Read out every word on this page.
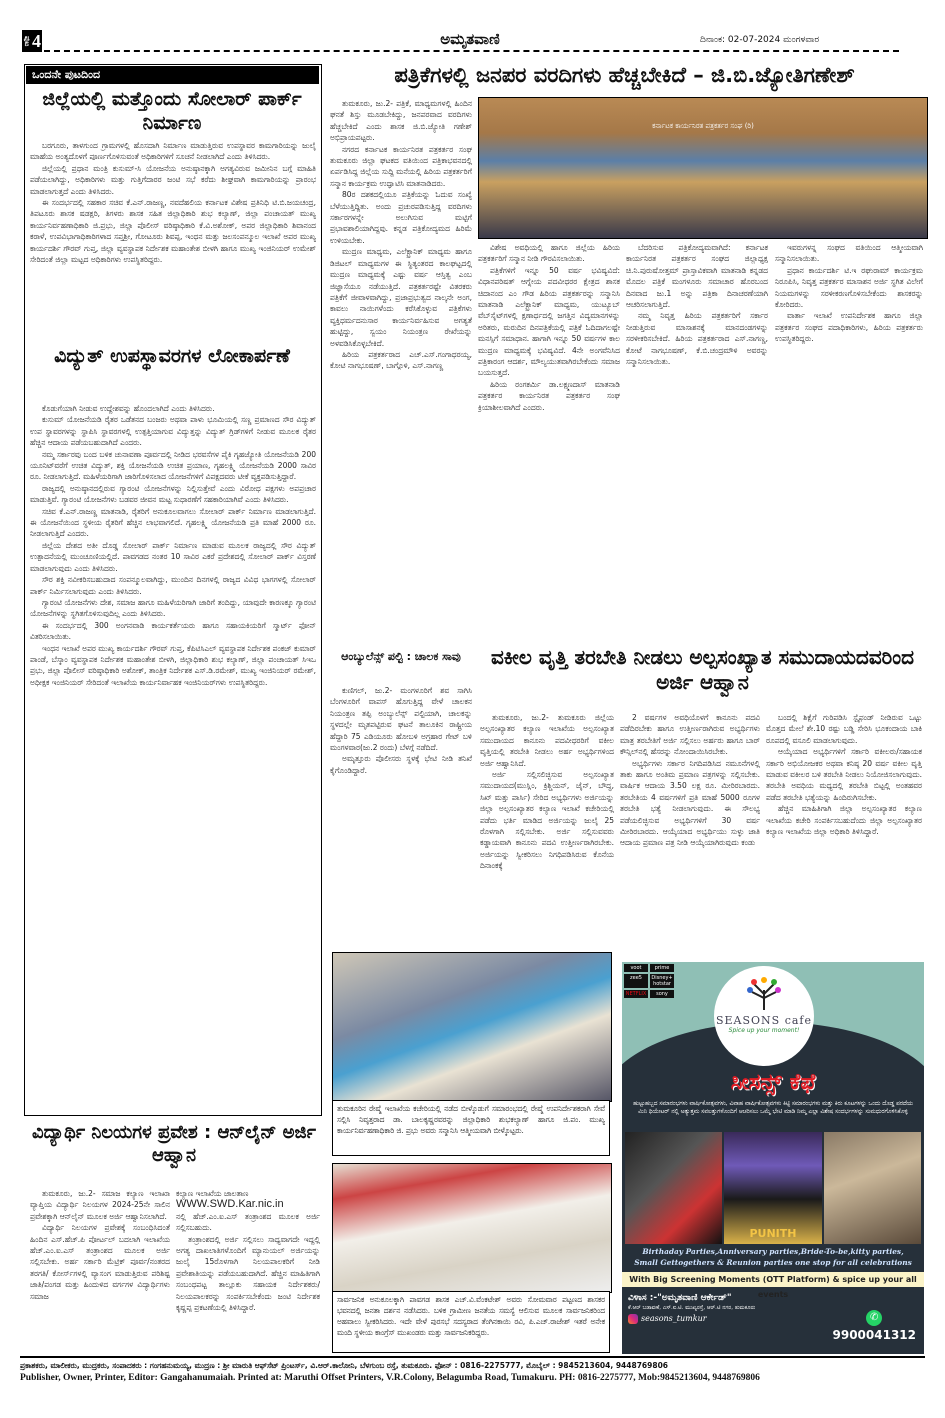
ಪುಟ 4	ಅಮೃತವಾಣಿ	ದಿನಾಂಕ: 02-07-2024 ಮಂಗಳವಾರ
ಒಂದನೇ ಪುಟದಿಂದ
ಜಿಲ್ಲೆಯಲ್ಲಿ ಮತ್ತೊಂದು ಸೋಲಾರ್ ಪಾರ್ಕ್ ನಿರ್ಮಾಣ

ಬರಗೂರು, ತಾಳಗುಂದ ಗ್ರಾಮಗಳಲ್ಲಿ ಹೊಸದಾಗಿ ನಿರ್ಮಾಣ ಮಾಡುತ್ತಿರುವ ಉಪಸ್ಥಾವರ ಕಾಮಗಾರಿಯನ್ನು ಜುಲೈ ಮಾಹೆಯ ಅಂತ್ಯದೊಳಗೆ ಪೂರ್ಣಗೊಳಿಸುವಂತೆ ಅಧಿಕಾರಿಗಳಿಗೆ ಸೂಚನೆ ನೀಡಲಾಗಿದೆ ಎಂದು ತಿಳಿಸಿದರು.

ಜಿಲ್ಲೆಯಲ್ಲಿ ಪ್ರಧಾನ ಮಂತ್ರಿ ಕುಸುಮ್-ಸಿ ಯೋಜನೆಯ ಅನುಷ್ಠಾನಕ್ಕಾಗಿ ಅಗತ್ಯವಿರುವ ಜಮೀನಿನ ಬಗ್ಗೆ ಮಾಹಿತಿ ಪಡೆಯಲಾಗಿದ್ದು, ಅಧಿಕಾರಿಗಳು ಮತ್ತು ಗುತ್ತಿಗೆದಾರರ ಜಂಟಿ ಸಭೆ ಕರೆದು ಶೀಘ್ರವಾಗಿ ಕಾಮಗಾರಿಯನ್ನು ಪ್ರಾರಂಭ ಮಾಡಲಾಗುತ್ತದೆ ಎಂದು ತಿಳಿಸಿದರು.

ಈ ಸಂದರ್ಭದಲ್ಲಿ ಸಹಕಾರ ಸಚಿವ ಕೆ.ಎನ್.ರಾಜಣ್ಣ, ನವದೆಹಲಿಯ ಕರ್ನಾಟಕ ವಿಶೇಷ ಪ್ರತಿನಿಧಿ ಟಿ.ಬಿ.ಜಯಚಂದ್ರ, ತಿಪಟೂರು ಶಾಸಕ ಷಡಕ್ಷರಿ, ತಿಗಳರು ಶಾಸಕ ಸಹಿತ ಜಿಲ್ಲಾಧಿಕಾರಿ ಶುಭ ಕಲ್ಯಾಣ್, ಜಿಲ್ಲಾ ಪಂಚಾಯತ್ ಮುಖ್ಯ ಕಾರ್ಯನಿರ್ವಹಣಾಧಿಕಾರಿ ಜಿ.ಪ್ರಭು, ಜಿಲ್ಲಾ ಪೊಲೀಸ್ ವರಿಷ್ಠಾಧಿಕಾರಿ ಕೆ.ವಿ.ಅಶೋಕ್, ಅಪರ ಜಿಲ್ಲಾಧಿಕಾರಿ ಶಿವಾನಂದ ಕರಾಳೆ, ಉಪವಿಭಾಗಾಧಿಕಾರಿಗಳಾದ ಸಪ್ತಶ್ರೀ, ಗೋಟೂರು ಶಿವಪ್ಪ, ಇಂಧನ ಮತ್ತು ಜಲಸಂಪನ್ಮೂಲ ಇಲಾಖೆ ಅಪರ ಮುಖ್ಯ ಕಾರ್ಯದರ್ಶಿ ಗೌರವ್ ಗುಪ್ತ, ಜಿಲ್ಲಾ ವ್ಯವಸ್ಥಾಪಕ ನಿರ್ದೇಶಕ ಮಹಾಂತೇಶ ಬೀಳಗಿ ಹಾಗೂ ಮುಖ್ಯ ಇಂಜಿನಿಯರ್ ಉಮೇಶ್ ಸೇರಿದಂತೆ ಜಿಲ್ಲಾ ಮಟ್ಟದ ಅಧಿಕಾರಿಗಳು ಉಪಸ್ಥಿತರಿದ್ದರು.

ವಿದ್ಯುತ್ ಉಪಸ್ಥಾವರಗಳ ಲೋಕಾರ್ಪಣೆ

ಕೊಡುಗೆಯಾಗಿ ನೀಡುವ ಉದ್ದೇಶವನ್ನು ಹೊಂದಲಾಗಿದೆ ಎಂದು ತಿಳಿಸಿದರು.

ಕುಸುಮ್ ಯೋಜನೆಯಡಿ ರೈತರ ಒಡೆತನದ ಬಂಜರು ಅಥವಾ ಪಾಳು ಭೂಮಿಯಲ್ಲಿ ಸಣ್ಣ ಪ್ರಮಾಣದ ಸೌರ ವಿದ್ಯುತ್ ಉಪ ಸ್ಥಾವರಗಳನ್ನು ಸ್ಥಾಪಿಸಿ ಸ್ಥಾವರಗಳಲ್ಲಿ ಉತ್ಪತ್ತಿಯಾಗುವ ವಿದ್ಯುತ್ತನ್ನು ವಿದ್ಯುತ್ ಗ್ರಿಡ್‍ಗಳಿಗೆ ನೀಡುವ ಮೂಲಕ ರೈತರ ಹೆಚ್ಚಿನ ಆದಾಯ ಪಡೆಯಬಹುದಾಗಿದೆ ಎಂದರು.

ನಮ್ಮ ಸರ್ಕಾರವು ಬಂದ ಬಳಿಕ ಚುನಾವಣಾ ಪೂರ್ವದಲ್ಲಿ ನೀಡಿದ ಭರವಸೆಗಳ ಪೈಕಿ ಗೃಹಜ್ಯೋತಿ ಯೋಜನೆಯಡಿ 200 ಯೂನಿಟ್‌ವರೆಗೆ ಉಚಿತ ವಿದ್ಯುತ್, ಶಕ್ತಿ ಯೋಜನೆಯಡಿ ಉಚಿತ ಪ್ರಯಾಣ, ಗೃಹಲಕ್ಷ್ಮಿ ಯೋಜನೆಯಡಿ 2000 ಸಾವಿರ ರೂ. ನೀಡಲಾಗುತ್ತಿದೆ. ಮಹಿಳೆಯರಿಗಾಗಿ ಜಾರಿಗೊಳಿಸಲಾದ ಯೋಜನೆಗಳಿಗೆ ವಿಪಕ್ಷದವರು ಟೀಕೆ ವ್ಯಕ್ತಪಡಿಸುತ್ತಿದ್ದಾರೆ.

ರಾಜ್ಯದಲ್ಲಿ ಅನುಷ್ಠಾನದಲ್ಲಿರುವ ಗ್ಯಾರಂಟಿ ಯೋಜನೆಗಳನ್ನು ನಿಲ್ಲಿಸುತ್ತೇವೆ ಎಂದು ವಿರೋಧ ಪಕ್ಷಗಳು ಅಪಪ್ರಚಾರ ಮಾಡುತ್ತಿವೆ. ಗ್ಯಾರಂಟಿ ಯೋಜನೆಗಳು ಬಡವರ ಜೀವನ ಮಟ್ಟ ಸುಧಾರಣೆಗೆ ಸಹಕಾರಿಯಾಗಿವೆ ಎಂದು ತಿಳಿಸಿದರು.

ಸಚಿವ ಕೆ.ಎನ್.ರಾಜಣ್ಣ ಮಾತನಾಡಿ, ರೈತರಿಗೆ ಅನುಕೂಲವಾಗಲು ಸೋಲಾರ್ ಪಾರ್ಕ್ ನಿರ್ಮಾಣ ಮಾಡಲಾಗುತ್ತಿದೆ. ಈ ಯೋಜನೆಯಿಂದ ಸ್ಥಳೀಯ ರೈತರಿಗೆ ಹೆಚ್ಚಿನ ಲಾಭವಾಗಲಿದೆ. ಗೃಹಲಕ್ಷ್ಮಿ ಯೋಜನೆಯಡಿ ಪ್ರತಿ ಮಾಹೆ 2000 ರೂ. ನೀಡಲಾಗುತ್ತಿದೆ ಎಂದರು.

ಜಿಲ್ಲೆಯ ದೇಶದ ಅತೀ ದೊಡ್ಡ ಸೋಲಾರ್ ಪಾರ್ಕ್ ನಿರ್ಮಾಣ ಮಾಡುವ ಮೂಲಕ ರಾಜ್ಯದಲ್ಲಿ ಸೌರ ವಿದ್ಯುತ್ ಉತ್ಪಾದನೆಯಲ್ಲಿ ಮುಂಚೂಣಿಯಲ್ಲಿದೆ. ಪಾವಗಡದ ನಂತರ 10 ಸಾವಿರ ಎಕರೆ ಪ್ರದೇಶದಲ್ಲಿ ಸೋಲಾರ್ ಪಾರ್ಕ್ ವಿಸ್ತರಣೆ ಮಾಡಲಾಗುವುದು ಎಂದು ತಿಳಿಸಿದರು.

ಸೌರ ಶಕ್ತಿ ನವೀಕರಿಸಬಹುದಾದ ಸಂಪನ್ಮೂಲವಾಗಿದ್ದು, ಮುಂದಿನ ದಿನಗಳಲ್ಲಿ ರಾಜ್ಯದ ವಿವಿಧ ಭಾಗಗಳಲ್ಲಿ ಸೋಲಾರ್ ಪಾರ್ಕ್ ನಿರ್ಮಿಸಲಾಗುವುದು ಎಂದು ತಿಳಿಸಿದರು.

ಗ್ಯಾರಂಟಿ ಯೋಜನೆಗಳು ದೇಶ, ಸಮಾಜ ಹಾಗೂ ಮಹಿಳೆಯರಿಗಾಗಿ ಜಾರಿಗೆ ತಂದಿದ್ದು, ಯಾವುದೇ ಕಾರಣಕ್ಕೂ ಗ್ಯಾರಂಟಿ ಯೋಜನೆಗಳನ್ನು ಸ್ಥಗಿತಗೊಳಿಸುವುದಿಲ್ಲ ಎಂದು ತಿಳಿಸಿದರು.

ಈ ಸಂದರ್ಭದಲ್ಲಿ 300 ಅಂಗನವಾಡಿ ಕಾರ್ಯಕರ್ತೆಯರು ಹಾಗೂ ಸಹಾಯಕಿಯರಿಗೆ ಸ್ಮಾರ್ಟ್ ಫೋನ್ ವಿತರಿಸಲಾಯಿತು.

ಇಂಧನ ಇಲಾಖೆ ಅಪರ ಮುಖ್ಯ ಕಾರ್ಯದರ್ಶಿ ಗೌರವ್ ಗುಪ್ತ, ಕೆಪಿಟಿಸಿಎಲ್ ವ್ಯವಸ್ಥಾಪಕ ನಿರ್ದೇಶಕ ಪಂಕಜ್ ಕುಮಾರ್ ಪಾಂಡೆ, ಬೆಸ್ಕಾಂ ವ್ಯವಸ್ಥಾಪಕ ನಿರ್ದೇಶಕ ಮಹಾಂತೇಶ ಬೀಳಗಿ, ಜಿಲ್ಲಾಧಿಕಾರಿ ಶುಭ ಕಲ್ಯಾಣ್, ಜಿಲ್ಲಾ ಪಂಚಾಯತ್ ಸಿಇಒ ಪ್ರಭು, ಜಿಲ್ಲಾ ಪೊಲೀಸ್ ವರಿಷ್ಠಾಧಿಕಾರಿ ಅಶೋಕ್, ತಾಂತ್ರಿಕ ನಿರ್ದೇಶಕ ಎಸ್.ಡಿ.ರಮೇಶ್, ಮುಖ್ಯ ಇಂಜಿನಿಯರ್ ರಮೇಶ್, ಅಧೀಕ್ಷಕ ಇಂಜಿನಿಯರ್ ಸೇರಿದಂತೆ ಇಲಾಖೆಯ ಕಾರ್ಯನಿರ್ವಾಹಕ ಇಂಜಿನಿಯರ್‌ಗಳು ಉಪಸ್ಥಿತರಿದ್ದರು.

ವಿದ್ಯಾರ್ಥಿ ನಿಲಯಗಳ ಪ್ರವೇಶ : ಆನ್‌ಲೈನ್ ಅರ್ಜಿ ಆಹ್ವಾನ

ತುಮಕೂರು, ಜು.2- ಸಮಾಜ ಕಲ್ಯಾಣ ಇಲಾಖಾ ವ್ಯಾಪ್ತಿಯ ವಿದ್ಯಾರ್ಥಿ ನಿಲಯಗಳ 2024-25ನೇ ಸಾಲಿನ ಪ್ರವೇಶಕ್ಕಾಗಿ ಆನ್‌ಲೈನ್ ಮೂಲಕ ಅರ್ಜಿ ಆಹ್ವಾನಿಸಲಾಗಿದೆ.

ವಿದ್ಯಾರ್ಥಿ ನಿಲಯಗಳ ಪ್ರವೇಶಕ್ಕೆ ಸಂಬಂಧಿಸಿದಂತೆ ಹಿಂದಿನ ಎಸ್.ಹೆಚ್.ಪಿ ಪೋರ್ಟಲ್ ಬದಲಾಗಿ ಇಲಾಖೆಯ ಹೆಚ್.ಎಂ.ಐ.ಎಸ್ ತಂತ್ರಾಂಶದ ಮೂಲಕ ಅರ್ಜಿ ಸಲ್ಲಿಸಬೇಕು. ಅರ್ಹ ಸರ್ಕಾರಿ ಮೆಟ್ರಿಕ್ ಪೂರ್ವ/ನಂತರದ ತರಗತಿ/ ಕೋರ್ಸ್‌ಗಳಲ್ಲಿ ವ್ಯಾಸಂಗ ಮಾಡುತ್ತಿರುವ ಪರಿಶಿಷ್ಟ ಜಾತಿ/ಪಂಗಡ ಮತ್ತು ಹಿಂದುಳಿದ ವರ್ಗಗಳ ವಿದ್ಯಾರ್ಥಿಗಳು ಸಮಾಜ

ಕಲ್ಯಾಣ ಇಲಾಖೆಯ ಜಾಲತಾಣ

WWW.SWD.Kar.nic.in

ನಲ್ಲಿ ಹೆಚ್.ಎಂ.ಐ.ಎಸ್ ತಂತ್ರಾಂಶದ ಮೂಲಕ ಅರ್ಜಿ ಸಲ್ಲಿಸಬಹುದು.

ತಂತ್ರಾಂಶದಲ್ಲಿ ಅರ್ಜಿ ಸಲ್ಲಿಸಲು ಸಾಧ್ಯವಾಗದೇ ಇದ್ದಲ್ಲಿ ಅಗತ್ಯ ದಾಖಲಾತಿಗಳೊಂದಿಗೆ ಮ್ಯಾನುಯಲ್ ಅರ್ಜಿಯನ್ನು ಜುಲೈ 15ರೊಳಗಾಗಿ ನಿಲಯಪಾಲಕರಿಗೆ ನೀಡಿ ಪ್ರವೇಶಾತಿಯನ್ನು ಪಡೆಯಬಹುದಾಗಿದೆ. ಹೆಚ್ಚಿನ ಮಾಹಿತಿಗಾಗಿ ಸಂಬಂಧಪಟ್ಟ ತಾಲ್ಲೂಕು ಸಹಾಯಕ ನಿರ್ದೇಶಕರು/ ನಿಲಯಪಾಲಕರನ್ನು ಸಂಪರ್ಕಿಸಬೇಕೆಂದು ಜಂಟಿ ನಿರ್ದೇಶಕ ಕೃಷ್ಣಪ್ಪ ಪ್ರಕಟಣೆಯಲ್ಲಿ ತಿಳಿಸಿದ್ದಾರೆ.

ಪತ್ರಿಕೆಗಳಲ್ಲಿ ಜನಪರ ವರದಿಗಳು ಹೆಚ್ಚಬೇಕಿದೆ – ಜಿ.ಬಿ.ಜ್ಯೋತಿಗಣೇಶ್

ತುಮಕೂರು, ಜು.2- ಪತ್ರಿಕೆ, ಮಾಧ್ಯಮಗಳಲ್ಲಿ ಹಿಂದಿನ ಘನತೆ ಶಿಸ್ತು ಮೂಡಬೇಕಿದ್ದು, ಜನಪರವಾದ ವರದಿಗಳು ಹೆಚ್ಚಬೇಕಿದೆ ಎಂದು ಶಾಸಕ ಜಿ.ಬಿ.ಜ್ಯೋತಿ ಗಣೇಶ್ ಅಭಿಪ್ರಾಯಪಟ್ಟರು.

ನಗರದ ಕರ್ನಾಟಕ ಕಾರ್ಯನಿರತ ಪತ್ರಕರ್ತರ ಸಂಘ ತುಮಕೂರು ಜಿಲ್ಲಾ ಘಟಕದ ವತಿಯಿಂದ ಪತ್ರಿಕಾಭವನದಲ್ಲಿ ಏರ್ಪಡಿಸಿದ್ದ ಜಿಲ್ಲೆಯ ಸುದ್ದಿ ಮನೆಯಲ್ಲಿ ಹಿರಿಯ ಪತ್ರಕರ್ತರಿಗೆ ಸನ್ಮಾನ ಕಾರ್ಯಕ್ರಮ ಉದ್ಘಾಟಿಸಿ ಮಾತನಾಡಿದರು.

80ರ ದಶಕದಲ್ಲಿಯೂ ಪತ್ರಿಕೆಯನ್ನು ಓದುವ ಸಂಖ್ಯೆ ಬೆಳೆಯುತ್ತಿದ್ದಿತು. ಅಂದು ಪ್ರಚುರಪಡಿಸುತ್ತಿದ್ದ ವರದಿಗಳು ಸರ್ಕಾರಗಳನ್ನೇ ಅಲುಗಿಸುವ ಮಟ್ಟಿಗೆ ಪ್ರಭಾವಶಾಲಿಯಾಗಿದ್ದವು. ಕನ್ನಡ ಪತ್ರಿಕೋದ್ಯಮದ ಹಿರಿಮೆ ಉಳಿಯಬೇಕು.

ಮುದ್ರಣ ಮಾಧ್ಯಮ, ಎಲೆಕ್ಟ್ರಾನಿಕ್ ಮಾಧ್ಯಮ ಹಾಗೂ ಡಿಜಿಟಲ್ ಮಾಧ್ಯಮಗಳ ಈ ಸ್ಥಿತ್ಯಂತರದ ಕಾಲಘಟ್ಟದಲ್ಲಿ ಮುದ್ರಣ ಮಾಧ್ಯಮಕ್ಕೆ ಎಷ್ಟು ವರ್ಷ ಆಸ್ತಿತ್ವ ಎಂಬ ಜಿಜ್ಞಾಸೆಯೂ ನಡೆಯುತ್ತಿದೆ. ಪತ್ರಕರ್ತರಷ್ಟೇ ವಿತರಕರು ಪತ್ರಿಕೆಗೆ ಜೀವಾಳವಾಗಿದ್ದು, ಪ್ರಜಾಪ್ರಭುತ್ವದ ನಾಲ್ಕನೇ ಅಂಗ, ಕಾವಲು ನಾಯಿಗಳೆಂದು ಕರೆಸಿಕೊಳ್ಳುವ ಪತ್ರಿಕೆಗಳು ವ್ಯಕ್ತಿಧರ್ಮದನುಸಾರ ಕಾರ್ಯನಿರ್ವಹಿಸುವ ಅಗತ್ಯತೆ ಹುಟ್ಟಿದ್ದು, ಸ್ವಯಂ ನಿಯಂತ್ರಣ ರೇಖೆಯನ್ನು ಅಳವಡಿಸಿಕೊಳ್ಳಬೇಕಿದೆ.

ಹಿರಿಯ ಪತ್ರಕರ್ತರಾದ ಎಚ್.ಎಸ್.ಗಂಗಾಧರಯ್ಯ, ಕೋಟಿ ನಾಗಭೂಷಣ್, ಬಾಗ್ಗೊಳಿ, ಎಸ್.ನಾಗಣ್ಣ

ಕರ್ನಾಟಕ ಕಾರ್ಯನಿರತ ಪತ್ರಕರ್ತರ ಸಂಘ (ರಿ)

ವಿಶೇಷ ಅವಧಿಯಲ್ಲಿ ಹಾಗೂ ಜಿಲ್ಲೆಯ ಹಿರಿಯ ಪತ್ರಕರ್ತರಿಗೆ ಸನ್ಮಾನ ನೀಡಿ ಗೌರವಿಸಲಾಯಿತು.

ಪತ್ರಿಕೆಗಳಿಗೆ ಇನ್ನೂ 50 ವರ್ಷ ಭವಿಷ್ಯವಿದೆ: ವಿಧಾನಪರಿಷತ್ ಆಗ್ನೇಯ ಪದವೀಧರರ ಕ್ಷೇತ್ರದ ಶಾಸಕ ಚಿದಾನಂದ ಎಂ ಗೌಡ ಹಿರಿಯ ಪತ್ರಕರ್ತರನ್ನು ಸನ್ಮಾನಿಸಿ ಮಾತನಾಡಿ ಎಲೆಕ್ಟ್ರಾನಿಕ್ ಮಾಧ್ಯಮ, ಯುಟ್ಯೂಬ್ ವೆಬ್‌ಸೈಟ್‌ಗಳಲ್ಲಿ ಕ್ಷಣಾರ್ಧದಲ್ಲಿ ಜಗತ್ತಿನ ವಿದ್ಯಮಾನಗಳನ್ನು ಅರಿತರು, ಮರುದಿನ ದಿನಪತ್ರಿಕೆಯಲ್ಲಿ ಪತ್ರಿಕೆ ಓದಿದಾಗಲಷ್ಟೇ ಮನಸ್ಸಿಗೆ ಸಮಾಧಾನ. ಹಾಗಾಗಿ ಇನ್ನೂ 50 ವರ್ಷಗಳ ಕಾಲ ಮುದ್ರಣ ಮಾಧ್ಯಮಕ್ಕೆ ಭವಿಷ್ಯವಿದೆ. 4ನೇ ಅಂಗವೆನಿಸಿದ ಪತ್ರಿಕಾರಂಗ ಆದರ್ಶ, ಮೌಲ್ಯಯುತವಾಗಿರಬೇಕೆಂದು ಸಮಾಜ ಬಯಸುತ್ತದೆ.

ಹಿರಿಯ ರಂಗಕರ್ಮಿ ಡಾ.ಲಕ್ಷ್ಮಣದಾಸ್ ಮಾತನಾಡಿ ಪತ್ರಕರ್ತರ ಕಾರ್ಯನಿರತ ಪತ್ರಕರ್ತರ ಸಂಘ ಕ್ರಿಯಾಶೀಲವಾಗಿದೆ ಎಂದರು.

ಬೆದರಿಸುವ ಪತ್ರಿಕೋದ್ಯಮವಾಗಿದೆ: ಕರ್ನಾಟಕ ಕಾರ್ಯನಿರತ ಪತ್ರಕರ್ತರ ಸಂಘದ ಜಿಲ್ಲಾಧ್ಯಕ್ಷ ಚಿ.ನಿ.ಪುರುಷೋತ್ತಮ್ ಪ್ರಾಸ್ತಾವಿಕವಾಗಿ ಮಾತನಾಡಿ ಕನ್ನಡದ ಮೊದಲ ಪತ್ರಿಕೆ ಮಂಗಳೂರು ಸಮಾಚಾರ ಹೊರಬಂದ ದಿನವಾದ ಜು.1 ಅನ್ನು ಪತ್ರಿಕಾ ದಿನಾಚರಣೆಯಾಗಿ ಆಚರಿಸಲಾಗುತ್ತಿದೆ.

ನಮ್ಮ ನಿವೃತ್ತ ಹಿರಿಯ ಪತ್ರಕರ್ತರಿಗೆ ಸರ್ಕಾರ ನೀಡುತ್ತಿರುವ ಮಾಸಾಶನಕ್ಕೆ ಮಾನದಂಡಗಳನ್ನು ಸರಳೀಕರಿಸಬೇಕಿದೆ. ಹಿರಿಯ ಪತ್ರಕರ್ತರಾದ ಎಸ್.ನಾಗಣ್ಣ, ಕೋಟೆ ನಾಗಭೂಷಣ್, ಕೆ.ಬಿ.ಚಂದ್ರಮೌಳಿ ಅವರನ್ನು ಸನ್ಮಾನಿಸಲಾಯಿತು.

ಇವರುಗಳನ್ನ ಸಂಘದ ವತಿಯಿಂದ ಆತ್ಮೀಯವಾಗಿ ಸನ್ಮಾನಿಸಲಾಯಿತು.

ಪ್ರಧಾನ ಕಾರ್ಯದರ್ಶಿ ಟಿ.ಇ ರಘುರಾಮ್ ಕಾರ್ಯಕ್ರಮ ನಿರೂಪಿಸಿ, ನಿವೃತ್ತ ಪತ್ರಕರ್ತರ ಮಾಸಾಶನ ಅರ್ಜಿ ಸ್ಥಗಿತ ವಿಲೇಗೆ ನಿಯಮಗಳನ್ನು ಸರಳೀಕರಣಗೊಳಿಸಬೇಕೆಂದು ಶಾಸಕರನ್ನು ಕೋರಿದರು.

ವಾರ್ತಾ ಇಲಾಖೆ ಉಪನಿರ್ದೇಶಕ ಹಾಗೂ ಜಿಲ್ಲಾ ಪತ್ರಕರ್ತರ ಸಂಘದ ಪದಾಧಿಕಾರಿಗಳು, ಹಿರಿಯ ಪತ್ರಕರ್ತರು ಉಪಸ್ಥಿತರಿದ್ದರು.

ಆಂಬ್ಯುಲೆನ್ಸ್ ಪಲ್ಟಿ : ಚಾಲಕ ಸಾವು

ಕುಣಿಗಲ್, ಜು.2- ಮಂಗಳೂರಿಗೆ ಶವ ಸಾಗಿಸಿ ಬೆಂಗಳೂರಿಗೆ ವಾಪಸ್ ಹೊಗುತ್ತಿದ್ದ ವೇಳೆ ಚಾಲಕನ ನಿಯಂತ್ರಣ ತಪ್ಪಿ ಅಂಬ್ಯುಲೆನ್ಸ್ ಪಲ್ಟಿಯಾಗಿ, ಚಾಲಕನ್ನು ಸ್ಥಳದಲ್ಲೇ ಮೃತಪಟ್ಟಿರುವ ಘಟನೆ ತಾಲೂಕಿನ ರಾಷ್ಟ್ರೀಯ ಹೆದ್ದಾರಿ 75 ಎಡಿಯೂರು ಹೋಬಳಿ ಅಗ್ರಹಾರ ಗೇಟ್ ಬಳಿ ಮಂಗಳವಾರ(ಜು.2 ರಂದು) ಬೆಳಗ್ಗೆ ನಡೆದಿದೆ.

ಅಮೃತ್ತೂರು ಪೊಲೀಸರು ಸ್ಥಳಕ್ಕೆ ಭೇಟಿ ನೀಡಿ ತನಿಖೆ ಕೈಗೊಂಡಿದ್ದಾರೆ.

ವಕೀಲ ವೃತ್ತಿ ತರಬೇತಿ ನೀಡಲು ಅಲ್ಪಸಂಖ್ಯಾತ ಸಮುದಾಯದವರಿಂದ ಅರ್ಜಿ ಆಹ್ವಾನ

ತುಮಕೂರು, ಜು.2- ತುಮಕೂರು ಜಿಲ್ಲೆಯ ಅಲ್ಪಸಂಖ್ಯಾತರ ಕಲ್ಯಾಣ ಇಲಾಖೆಯ ಅಲ್ಪಸಂಖ್ಯಾತ ಸಮುದಾಯದ ಕಾನೂನು ಪದವೀಧರರಿಗೆ ವಕೀಲ ವೃತ್ತಿಯಲ್ಲಿ ತರಬೇತಿ ನೀಡಲು ಅರ್ಹ ಅಭ್ಯರ್ಥಿಗಳಿಂದ ಅರ್ಜಿ ಆಹ್ವಾನಿಸಿದೆ.

ಅರ್ಜಿ ಸಲ್ಲಿಸಲಿಚ್ಛಿಸುವ ಅಲ್ಪಸಂಖ್ಯಾತ ಸಮುದಾಯದ(ಮುಸ್ಲಿಂ, ಕ್ರಿಶ್ಚಿಯನ್, ಜೈನ್, ಬೌದ್ಧ, ಸಿಖ್ ಮತ್ತು ಪಾರ್ಸಿ) ಸೇರಿದ ಅಭ್ಯರ್ಥಿಗಳು ಅರ್ಜಿಯನ್ನು ಜಿಲ್ಲಾ ಅಲ್ಪಸಂಖ್ಯಾತರ ಕಲ್ಯಾಣ ಇಲಾಖೆ ಕಚೇರಿಯಲ್ಲಿ ಪಡೆದು ಭರ್ತಿ ಮಾಡಿದ ಅರ್ಜಿಯನ್ನು ಜುಲೈ 25 ರೊಳಗಾಗಿ ಸಲ್ಲಿಸಬೇಕು. ಅರ್ಜಿ ಸಲ್ಲಿಸುವವರು ಕಡ್ಡಾಯವಾಗಿ ಕಾನೂನು ಪದವಿ ಉತ್ತೀರ್ಣರಾಗಿರಬೇಕು. ಅರ್ಜಿಯನ್ನು ಸ್ವೀಕರಿಸಲು ನಿಗಧಿಪಡಿಸಿರುವ ಕೊನೆಯ ದಿನಾಂಕಕ್ಕೆ

2 ವರ್ಷಗಳ ಅವಧಿಯೊಳಗೆ ಕಾನೂನು ಪದವಿ ಪಡೆದಿರಬೇಕು ಹಾಗೂ ಉತ್ತೀರ್ಣರಾಗಿರುವ ಅಭ್ಯರ್ಥಿಗಳು ಮಾತ್ರ ತರಬೇತಿಗೆ ಅರ್ಜಿ ಸಲ್ಲಿಸಲು ಅರ್ಹರು ಹಾಗೂ ಬಾರ್ ಕೌನ್ಸಿಲ್‌ನಲ್ಲಿ ಹೆಸರನ್ನು ನೋಂದಾಯಿಸಿರಬೇಕು.

ಅಭ್ಯರ್ಥಿಗಳು ಸರ್ಕಾರ ನಿಗದಿಪಡಿಸಿದ ನಮೂನೆಗಳಲ್ಲಿ ತಾಕು ಹಾಗೂ ಅಂತಿಮ ಪ್ರಮಾಣ ಪತ್ರಗಳನ್ನು ಸಲ್ಲಿಸಬೇಕು. ವಾರ್ಷಿಕ ಆದಾಯ 3.50 ಲಕ್ಷ ರೂ. ಮೀರಿರಬಾರದು. ತರಬೇತಿಯ 4 ವರ್ಷಗಳಿಗೆ ಪ್ರತಿ ಮಾಹೆ 5000 ರೂಗಳ ತರಬೇತಿ ಭತ್ಯೆ ನೀಡಲಾಗುವುದು. ಈ ಸೌಲಭ್ಯ ಪಡೆಯಲಿಚ್ಛಿಸುವ ಅಭ್ಯರ್ಥಿಗಳಿಗೆ 30 ವರ್ಷ ಮೀರಿರಬಾರದು. ಆಯ್ಕೆಯಾದ ಅಭ್ಯರ್ಥಿಯು ಸುಳ್ಳು ಜಾತಿ ಆದಾಯ ಪ್ರಮಾಣ ಪತ್ರ ನೀಡಿ ಆಯ್ಕೆಯಾಗಿರುವುದು ಕಂಡು

ಬಂದಲ್ಲಿ ಶಿಕ್ಷೆಗೆ ಗುರಿಪಡಿಸಿ ಸ್ಟೈಫಂಡ್ ನೀಡಿರುವ ಒಟ್ಟು ಮೊತ್ತದ ಮೇಲೆ ಶೇ.10 ರಷ್ಟು ಬಡ್ಡಿ ಸೇರಿಸಿ ಭೂಕಂದಾಯ ಬಾಕಿ ರೂಪದಲ್ಲಿ ವಸೂಲಿ ಮಾಡಲಾಗುವುದು.

ಆಯ್ಕೆಯಾದ ಅಭ್ಯರ್ಥಿಗಳಿಗೆ ಸರ್ಕಾರಿ ವಕೀಲರು/ಸಹಾಯಕ ಸರ್ಕಾರಿ ಅಭಿಯೋಜಕರ ಅಥವಾ ಕನಿಷ್ಠ 20 ವರ್ಷ ವಕೀಲ ವೃತ್ತಿ ಮಾಡುವ ವಕೀಲರ ಬಳಿ ತರಬೇತಿ ನೀಡಲು ನಿಯೋಜಿಸಲಾಗುವುದು. ತರಬೇತಿ ಅವಧಿಯ ಮಧ್ಯದಲ್ಲಿ ತರಬೇತಿ ಬಿಟ್ಟಲ್ಲಿ ಅಂತಹವರ ಪಡೆದ ತರಬೇತಿ ಭತ್ಯೆಯನ್ನು ಹಿಂದಿರುಗಿಸಬೇಕು.

ಹೆಚ್ಚಿನ ಮಾಹಿತಿಗಾಗಿ ಜಿಲ್ಲಾ ಅಲ್ಪಸಂಖ್ಯಾತರ ಕಲ್ಯಾಣ ಇಲಾಖೆಯ ಕಚೇರಿ ಸಂಪರ್ಕಿಸಬಹುದೆಂದು ಜಿಲ್ಲಾ ಅಲ್ಪಸಂಖ್ಯಾತರ ಕಲ್ಯಾಣ ಇಲಾಖೆಯ ಜಿಲ್ಲಾ ಅಧಿಕಾರಿ ತಿಳಿಸಿದ್ದಾರೆ.

ತುಮಕೂರಿನ ರೇಷ್ಮೆ ಇಲಾಖೆಯ ಕಚೇರಿಯಲ್ಲಿ ನಡೆದ ಬೀಳ್ಕೊಡುಗೆ ಸಮಾರಂಭದಲ್ಲಿ ರೇಷ್ಮೆ ಉಪನಿರ್ದೇಶಕರಾಗಿ ಸೇವೆ ಸಲ್ಲಿಸಿ ನಿವೃತ್ತರಾದ ಡಾ. ಬಾಲಕೃಷ್ಣರವರನ್ನು ಜಿಲ್ಲಾಧಿಕಾರಿ ಶುಭಕಲ್ಯಾಣ್ ಹಾಗೂ ಜಿ.ಪಂ. ಮುಖ್ಯ ಕಾರ್ಯನಿರ್ವಹಣಾಧಿಕಾರಿ ಜಿ. ಪ್ರಭು ಅವರು ಸನ್ಮಾನಿಸಿ ಆತ್ಮೀಯವಾಗಿ ಬೀಳ್ಕೊಟ್ಟರು.
ಸಾರ್ವಜನಿಕ ಅನುಕೂಲಕ್ಕಾಗಿ ಪಾವಗಡ ಶಾಸಕ ಎಚ್.ವಿ.ವೆಂಕಟೇಶ್ ಅವರು ಸೋಮವಾರ ಪಟ್ಟಣದ ಶಾಸಕರ ಭವನದಲ್ಲಿ ಜನತಾ ದರ್ಶನ ನಡೆಸಿದರು. ಬಳಿಕ ಗ್ರಾಮೀಣ ಜನತೆಯ ಸಮಸ್ಯೆ ಆಲಿಸುವ ಮೂಲಕ ಸಾರ್ವಜನಿಕರಿಂದ ಅಹವಾಲು ಸ್ವೀಕರಿಸಿದರು. ಇದೇ ವೇಳೆ ಪುರಸಭೆ ಸದಸ್ಯರಾದ ತೆಂಗಿನಕಾಯಿ ರವಿ, ಪಿ.ಎಚ್.ರಾಜೇಶ್ ಇತರೆ ಅನೇಕ ಮಂದಿ ಸ್ಥಳೀಯ ಕಾಂಗ್ರೆಸ್ ಮುಖಂಡರು ಮತ್ತು ಸಾರ್ವಜನಿಕರಿದ್ದರು.
voot	prime
zee5	Disney+ hotstar
NETFLIX	sony
SEASONS cafe
Spice up your moment!
ಸೀಸನ್ಸ್ ಕೆಫೆ
ಹುಟ್ಟುಹಬ್ಬದ ಸಮಾರಂಭಗಳು ವಾರ್ಷಿಕೋತ್ಸವಗಳು, ವಿವಾಹ ವಾರ್ಷಿಕೋತ್ಸವಗಳು ಕಿಟ್ಟಿ ಸಮಾರಂಭಗಳು ಮತ್ತು ಕಿರು ಕೂಟಗಳನ್ನು ಒಂದು ದೊಡ್ಡ ಪರದೆಯ ಮಿನಿ ಥಿಯೇಟರ್ ನಲ್ಲಿ ಅತ್ಯುತ್ತಮ ಸವಲತ್ತುಗಳೊಂದಿಗೆ ಆಚರಿಸಲು ಒಮ್ಮೆ ಭೇಟಿ ಮಾಡಿ ನಿಮ್ಮ ಎಲ್ಲಾ ವಿಶೇಷ ಸಂದರ್ಭಗಳನ್ನು ಸುಮಧುರಗೊಳಿಸಿಕೊಳ್ಳಿ
PUNITH
Birthaday Parties,Anniversary parties,Bride-To-be,kitty parties,
Small Gettogethers & Reunion parties one stop for all celebrations
With Big Screening Moments (OTT Platform) & spice up your all events
ವಿಳಾಸ :-"ಅಮೃತವಾಣಿ ಆರ್ಕೇಡ್"
ಕೆ.ಆರ್ ಬಡಾವಣೆ, ಎಸ್.ಐ.ಟಿ. ಮುಖ್ಯರಸ್ತೆ, ಆರ್.ಟಿ ನಗರ, ತುಮಕೂರು
seasons_tumkur	✆
9900041312
ಪ್ರಕಾಶಕರು, ಮಾಲೀಕರು, ಮುದ್ರಕರು, ಸಂಪಾದಕರು : ಗಂಗಹನುಮಯ್ಯ, ಮುದ್ರಣ : ಶ್ರೀ ಮಾರುತಿ ಆಫ್‌ಸೆಟ್ ಪ್ರಿಂಟರ್ಸ್, ವಿ.ಆರ್.ಕಾಲೋನಿ, ಬೆಳಗುಂಬ ರಸ್ತೆ, ತುಮಕೂರು. ಫೋನ್ : 0816-2275777, ಮೊಬೈಲ್ : 9845213604, 9448769806
Publisher, Owner, Printer, Editor: Gangahanumaiah. Printed at: Maruthi Offset Printers, V.R.Colony, Belagumba Road, Tumakuru. PH: 0816-2275777, Mob:9845213604, 9448769806
